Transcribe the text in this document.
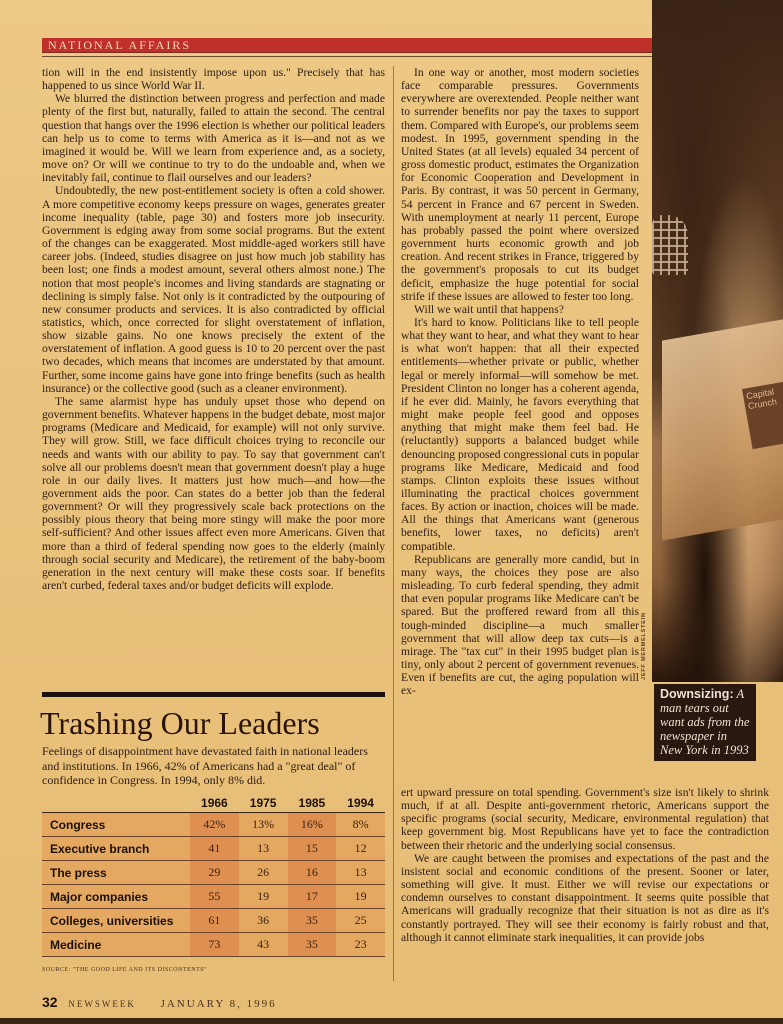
NATIONAL AFFAIRS

tion will in the end insistently impose upon us." Precisely that has happened to us since World War II.

We blurred the distinction between progress and perfection and made plenty of the first but, naturally, failed to attain the second. The central question that hangs over the 1996 election is whether our political leaders can help us to come to terms with America as it is—and not as we imagined it would be. Will we learn from experience and, as a society, move on? Or will we continue to try to do the undoable and, when we inevitably fail, continue to flail ourselves and our leaders?

Undoubtedly, the new post-entitlement society is often a cold shower. A more competitive economy keeps pressure on wages, generates greater income inequality (table, page 30) and fosters more job insecurity. Government is edging away from some social programs. But the extent of the changes can be exaggerated. Most middle-aged workers still have career jobs. (Indeed, studies disagree on just how much job stability has been lost; one finds a modest amount, several others almost none.) The notion that most people's incomes and living standards are stagnating or declining is simply false. Not only is it contradicted by the outpouring of new consumer products and services. It is also contradicted by official statistics, which, once corrected for slight overstatement of inflation, show sizable gains. No one knows precisely the extent of the overstatement of inflation. A good guess is 10 to 20 percent over the past two decades, which means that incomes are understated by that amount. Further, some income gains have gone into fringe benefits (such as health insurance) or the collective good (such as a cleaner environment).

The same alarmist hype has unduly upset those who depend on government benefits. Whatever happens in the budget debate, most major programs (Medicare and Medicaid, for example) will not only survive. They will grow. Still, we face difficult choices trying to reconcile our needs and wants with our ability to pay. To say that government can't solve all our problems doesn't mean that government doesn't play a huge role in our daily lives. It matters just how much—and how—the government aids the poor. Can states do a better job than the federal government? Or will they progressively scale back protections on the possibly pious theory that being more stingy will make the poor more self-sufficient? And other issues affect even more Americans. Given that more than a third of federal spending now goes to the elderly (mainly through social security and Medicare), the retirement of the baby-boom generation in the next century will make these costs soar. If benefits aren't curbed, federal taxes and/or budget deficits will explode.

In one way or another, most modern societies face comparable pressures. Governments everywhere are overextended. People neither want to surrender benefits nor pay the taxes to support them. Compared with Europe's, our problems seem modest. In 1995, government spending in the United States (at all levels) equaled 34 percent of gross domestic product, estimates the Organization for Economic Cooperation and Development in Paris. By contrast, it was 50 percent in Germany, 54 percent in France and 67 percent in Sweden. With unemployment at nearly 11 percent, Europe has probably passed the point where oversized government hurts economic growth and job creation. And recent strikes in France, triggered by the government's proposals to cut its budget deficit, emphasize the huge potential for social strife if these issues are allowed to fester too long.

Will we wait until that happens?

It's hard to know. Politicians like to tell people what they want to hear, and what they want to hear is what won't happen: that all their expected entitlements—whether private or public, whether legal or merely informal—will somehow be met. President Clinton no longer has a coherent agenda, if he ever did. Mainly, he favors everything that might make people feel good and opposes anything that might make them feel bad. He (reluctantly) supports a balanced budget while denouncing proposed congressional cuts in popular programs like Medicare, Medicaid and food stamps. Clinton exploits these issues without illuminating the practical choices government faces. By action or inaction, choices will be made. All the things that Americans want (generous benefits, lower taxes, no deficits) aren't compatible.

Republicans are generally more candid, but in many ways, the choices they pose are also misleading. To curb federal spending, they admit that even popular programs like Medicare can't be spared. But the proffered reward from all this tough-minded discipline—a much smaller government that will allow deep tax cuts—is a mirage. The "tax cut" in their 1995 budget plan is tiny, only about 2 percent of government revenues. Even if benefits are cut, the aging population will ex-

ert upward pressure on total spending. Government's size isn't likely to shrink much, if at all. Despite anti-government rhetoric, Americans support the specific programs (social security, Medicare, environmental regulation) that keep government big. Most Republicans have yet to face the contradiction between their rhetoric and the underlying social consensus.

We are caught between the promises and expectations of the past and the insistent social and economic conditions of the present. Sooner or later, something will give. It must. Either we will revise our expectations or condemn ourselves to constant disappointment. It seems quite possible that Americans will gradually recognize that their situation is not as dire as it's constantly portrayed. They will see their economy is fairly robust and that, although it cannot eliminate stark inequalities, it can provide jobs

Capital Crunch
JEFF MERMELSTEIN
Downsizing: A man tears out want ads from the newspaper in New York in 1993
Trashing Our Leaders
Feelings of disappointment have devastated faith in national leaders and institutions. In 1966, 42% of Americans had a "great deal" of confidence in Congress. In 1994, only 8% did.
	1966	1975	1985	1994
Congress	42%	13%	16%	8%
Executive branch	41	13	15	12
The press	29	26	16	13
Major companies	55	19	17	19
Colleges, universities	61	36	35	25
Medicine	73	43	35	23
SOURCE: "THE GOOD LIFE AND ITS DISCONTENTS"
32 NEWSWEEK JANUARY 8, 1996
